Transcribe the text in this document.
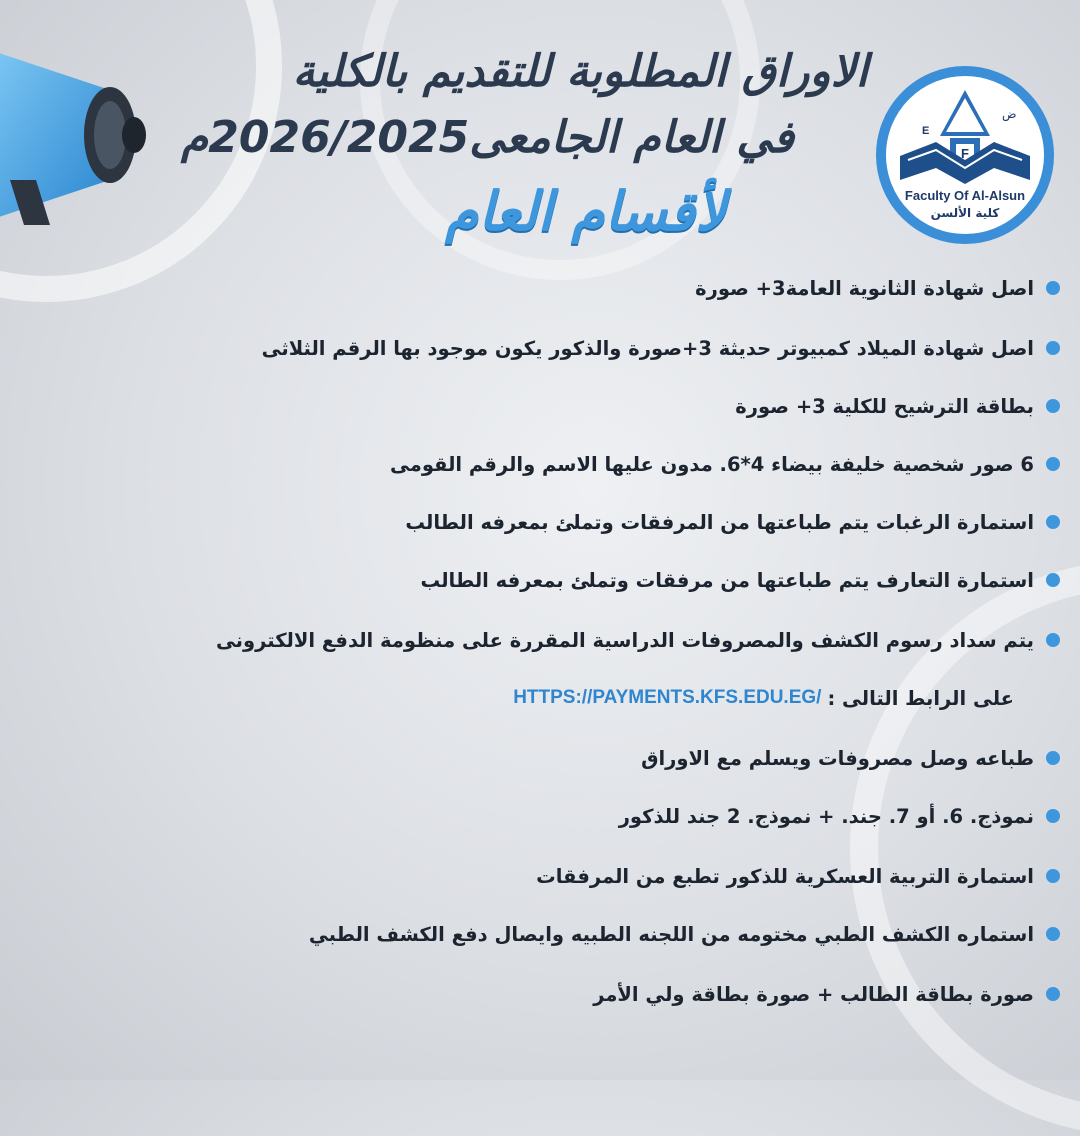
F
E
ض
Faculty Of Al-Alsun
كلية الألسن
الاوراق المطلوبة للتقديم بالكلية
في العام الجامعى2026/2025م
لأقسام العام
اصل شهادة الثانوية العامة3+ صورة
اصل شهادة الميلاد كمبيوتر حديثة 3+صورة والذكور يكون موجود بها الرقم الثلاثى
بطاقة الترشيح للكلية 3+ صورة
6 صور شخصية خليفة بيضاء 4*6. مدون عليها الاسم والرقم القومى
استمارة الرغبات يتم طباعتها من المرفقات وتملئ بمعرفه الطالب
استمارة التعارف يتم طباعتها من مرفقات وتملئ بمعرفه الطالب
يتم سداد رسوم الكشف والمصروفات الدراسية المقررة على منظومة الدفع الالكترونى
على الرابط التالى :
HTTPS://PAYMENTS.KFS.EDU.EG/
طباعه وصل مصروفات ويسلم مع الاوراق
نموذج. 6. أو 7. جند. + نموذج. 2 جند للذكور
استمارة التربية العسكرية للذكور تطبع من المرفقات
استماره الكشف الطبي مختومه من اللجنه الطبيه وايصال دفع الكشف الطبي
صورة بطاقة الطالب + صورة بطاقة ولي الأمر
